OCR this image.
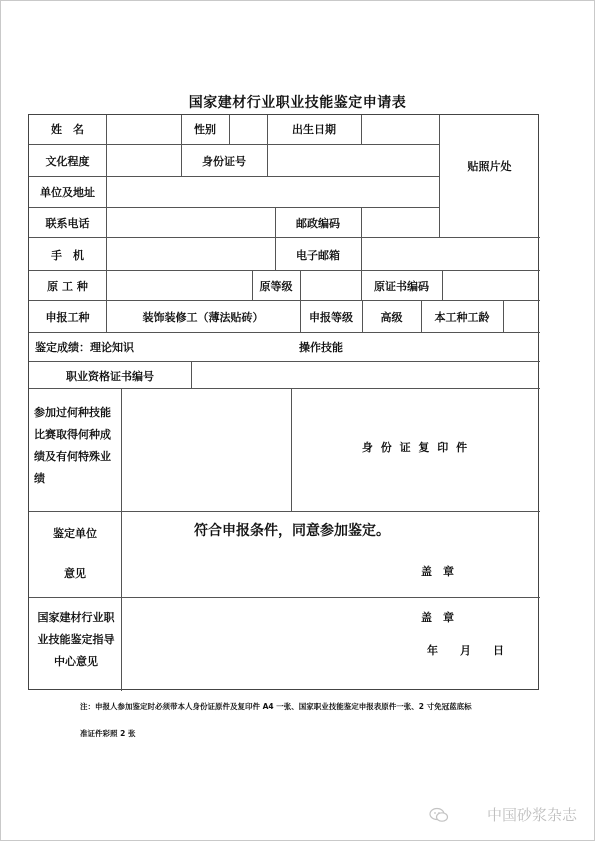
国家建材行业职业技能鉴定申请表
姓　名	性别	出生日期
贴照片处
文化程度	身份证号
单位及地址
联系电话	邮政编码
手　机	电子邮箱
原 工 种	原等级	原证书编码
申报工种	装饰装修工（薄法贴砖）	申报等级	高级	本工种工龄
鉴定成绩：理论知识	操作技能
职业资格证书编号
参加过何种技能比赛取得何种成绩及有何特殊业绩
身 份 证 复 印 件
鉴定单位
意见
符合申报条件，同意参加鉴定。
盖　章
国家建材行业职业技能鉴定指导中心意见
盖　章
年　　月　　日
注：申报人参加鉴定时必须带本人身份证原件及复印件 A4 一张、国家职业技能鉴定申报表原件一张、2 寸免冠蓝底标
准证件彩照 2 张
中国砂浆杂志
